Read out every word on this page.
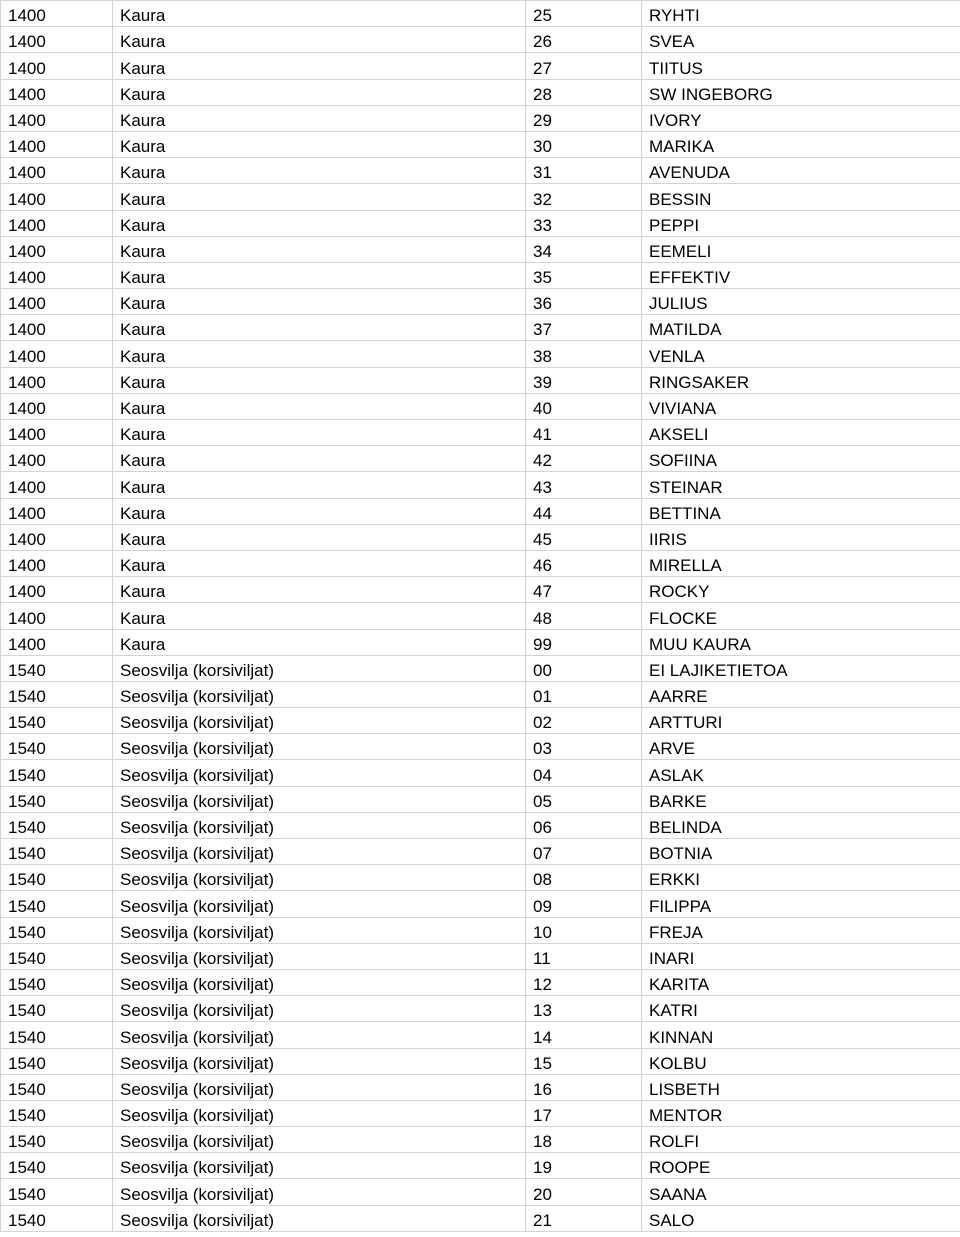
1400	Kaura	25	RYHTI
1400	Kaura	26	SVEA
1400	Kaura	27	TIITUS
1400	Kaura	28	SW INGEBORG
1400	Kaura	29	IVORY
1400	Kaura	30	MARIKA
1400	Kaura	31	AVENUDA
1400	Kaura	32	BESSIN
1400	Kaura	33	PEPPI
1400	Kaura	34	EEMELI
1400	Kaura	35	EFFEKTIV
1400	Kaura	36	JULIUS
1400	Kaura	37	MATILDA
1400	Kaura	38	VENLA
1400	Kaura	39	RINGSAKER
1400	Kaura	40	VIVIANA
1400	Kaura	41	AKSELI
1400	Kaura	42	SOFIINA
1400	Kaura	43	STEINAR
1400	Kaura	44	BETTINA
1400	Kaura	45	IIRIS
1400	Kaura	46	MIRELLA
1400	Kaura	47	ROCKY
1400	Kaura	48	FLOCKE
1400	Kaura	99	MUU KAURA
1540	Seosvilja (korsiviljat)	00	EI LAJIKETIETOA
1540	Seosvilja (korsiviljat)	01	AARRE
1540	Seosvilja (korsiviljat)	02	ARTTURI
1540	Seosvilja (korsiviljat)	03	ARVE
1540	Seosvilja (korsiviljat)	04	ASLAK
1540	Seosvilja (korsiviljat)	05	BARKE
1540	Seosvilja (korsiviljat)	06	BELINDA
1540	Seosvilja (korsiviljat)	07	BOTNIA
1540	Seosvilja (korsiviljat)	08	ERKKI
1540	Seosvilja (korsiviljat)	09	FILIPPA
1540	Seosvilja (korsiviljat)	10	FREJA
1540	Seosvilja (korsiviljat)	11	INARI
1540	Seosvilja (korsiviljat)	12	KARITA
1540	Seosvilja (korsiviljat)	13	KATRI
1540	Seosvilja (korsiviljat)	14	KINNAN
1540	Seosvilja (korsiviljat)	15	KOLBU
1540	Seosvilja (korsiviljat)	16	LISBETH
1540	Seosvilja (korsiviljat)	17	MENTOR
1540	Seosvilja (korsiviljat)	18	ROLFI
1540	Seosvilja (korsiviljat)	19	ROOPE
1540	Seosvilja (korsiviljat)	20	SAANA
1540	Seosvilja (korsiviljat)	21	SALO
